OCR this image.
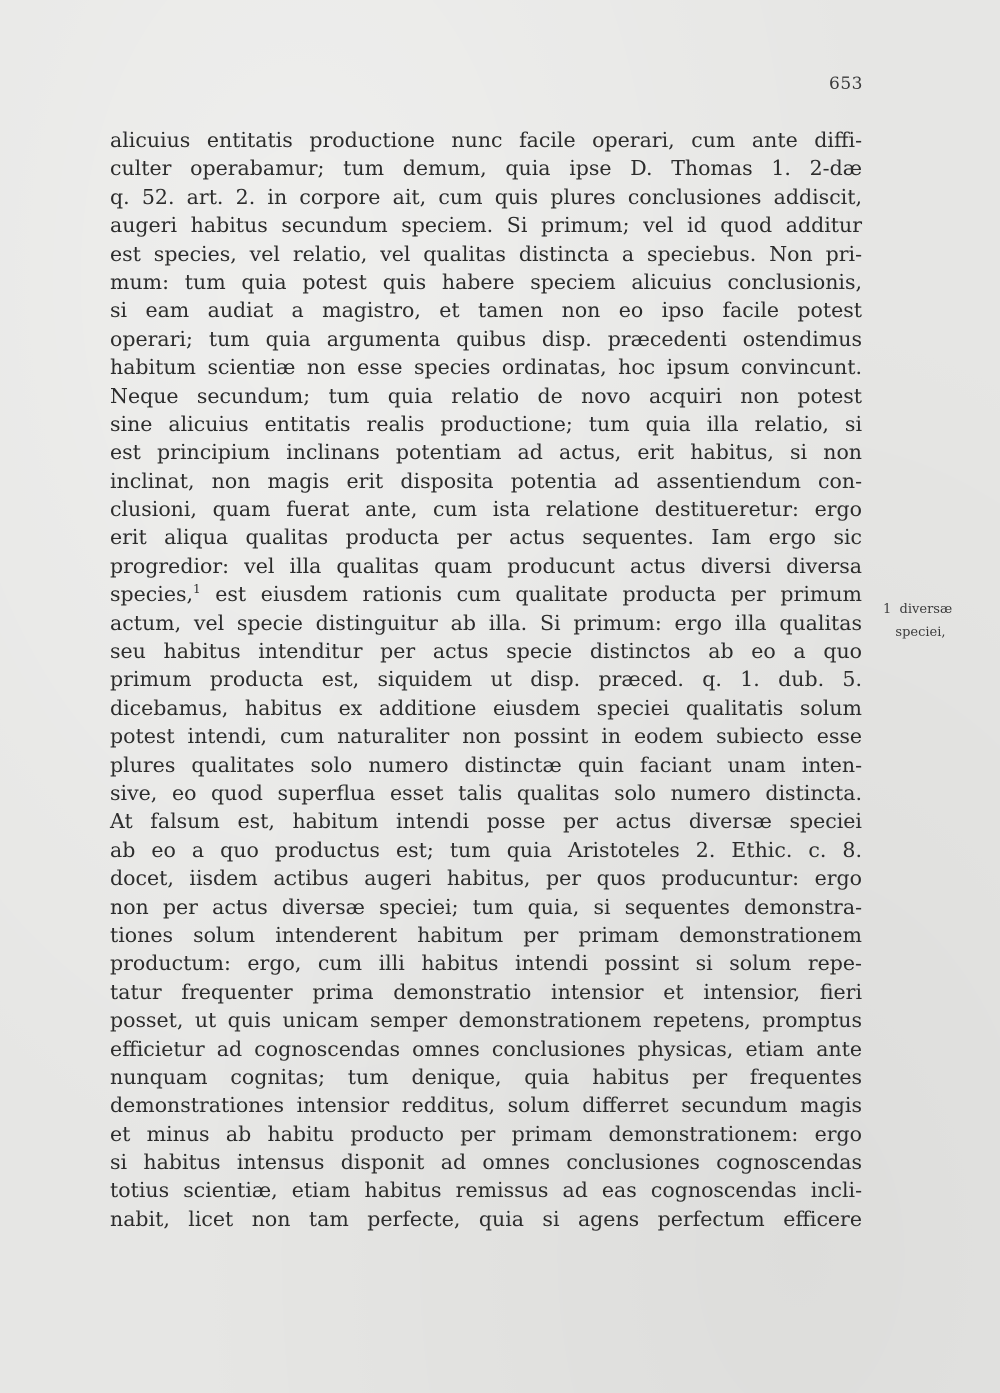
653
alicuius entitatis productione nunc facile operari, cum ante diffi-
culter operabamur; tum demum, quia ipse D. Thomas 1. 2-dæ
q. 52. art. 2. in corpore ait, cum quis plures conclusiones addiscit,
augeri habitus secundum speciem. Si primum; vel id quod additur
est species, vel relatio, vel qualitas distincta a speciebus. Non pri-
mum: tum quia potest quis habere speciem alicuius conclusionis,
si eam audiat a magistro, et tamen non eo ipso facile potest
operari; tum quia argumenta quibus disp. præcedenti ostendimus
habitum scientiæ non esse species ordinatas, hoc ipsum convincunt.
Neque secundum; tum quia relatio de novo acquiri non potest
sine alicuius entitatis realis productione; tum quia illa relatio, si
est principium inclinans potentiam ad actus, erit habitus, si non
inclinat, non magis erit disposita potentia ad assentiendum con-
clusioni, quam fuerat ante, cum ista relatione destitueretur: ergo
erit aliqua qualitas producta per actus sequentes. Iam ergo sic
progredior: vel illa qualitas quam producunt actus diversi diversa
species,$^1$ est eiusdem rationis cum qualitate producta per primum
actum, vel specie distinguitur ab illa. Si primum: ergo illa qualitas
seu habitus intenditur per actus specie distinctos ab eo a quo
primum producta est, siquidem ut disp. præced. q. 1. dub. 5.
dicebamus, habitus ex additione eiusdem speciei qualitatis solum
potest intendi, cum naturaliter non possint in eodem subiecto esse
plures qualitates solo numero distinctæ quin faciant unam inten-
sive, eo quod superflua esset talis qualitas solo numero distincta.
At falsum est, habitum intendi posse per actus diversæ speciei
ab eo a quo productus est; tum quia Aristoteles 2. Ethic. c. 8.
docet, iisdem actibus augeri habitus, per quos producuntur: ergo
non per actus diversæ speciei; tum quia, si sequentes demonstra-
tiones solum intenderent habitum per primam demonstrationem
productum: ergo, cum illi habitus intendi possint si solum repe-
tatur frequenter prima demonstratio intensior et intensior, fieri
posset, ut quis unicam semper demonstrationem repetens, promptus
efficietur ad cognoscendas omnes conclusiones physicas, etiam ante
nunquam cognitas; tum denique, quia habitus per frequentes
demonstrationes intensior redditus, solum differret secundum magis
et minus ab habitu producto per primam demonstrationem: ergo
si habitus intensus disponit ad omnes conclusiones cognoscendas
totius scientiæ, etiam habitus remissus ad eas cognoscendas incli-
nabit, licet non tam perfecte, quia si agens perfectum efficere
1 diversæ
speciei,
